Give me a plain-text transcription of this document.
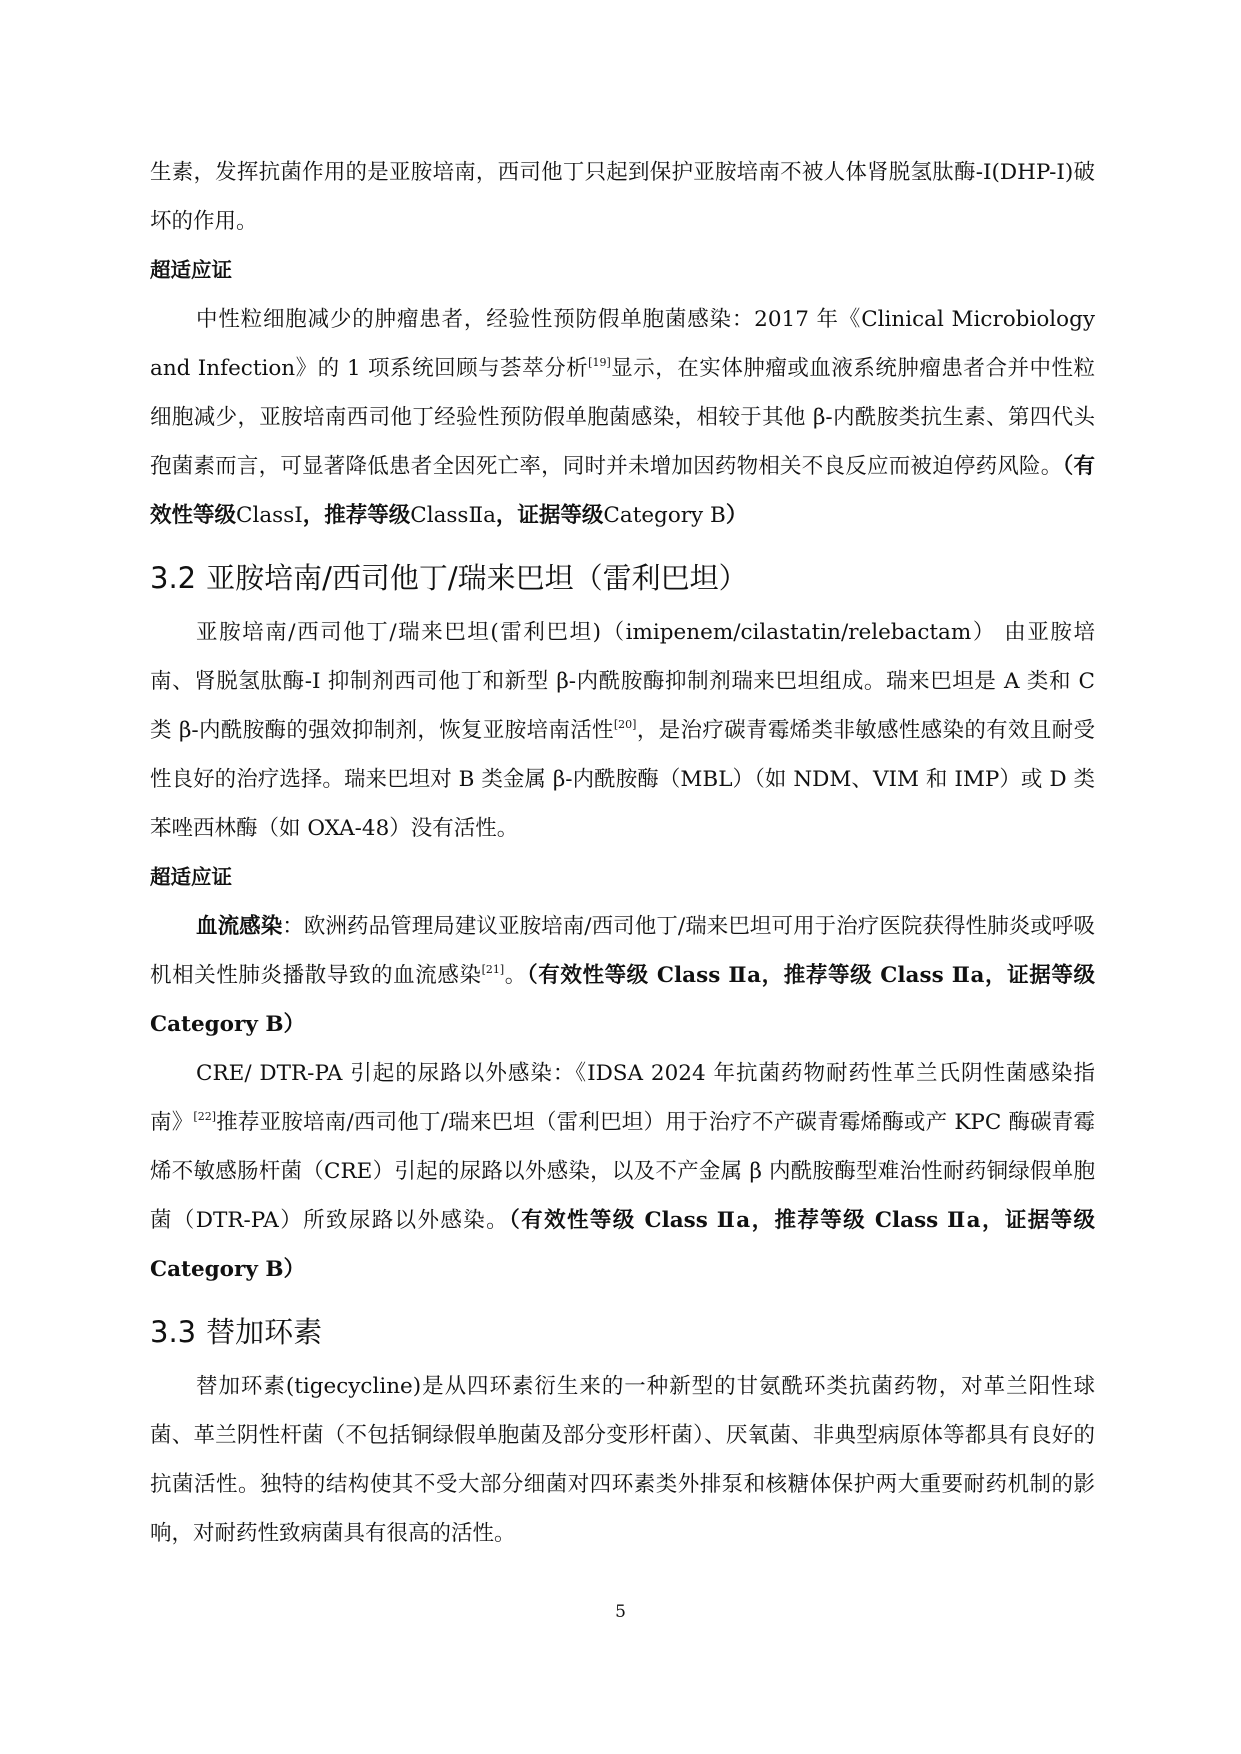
生素，发挥抗菌作用的是亚胺培南，西司他丁只起到保护亚胺培南不被人体肾脱氢肽酶-I(DHP-I)破坏的作用。
超适应证
中性粒细胞减少的肿瘤患者，经验性预防假单胞菌感染：2017 年《Clinical Microbiology and Infection》的 1 项系统回顾与荟萃分析[19]显示，在实体肿瘤或血液系统肿瘤患者合并中性粒细胞减少，亚胺培南西司他丁经验性预防假单胞菌感染，相较于其他 β-内酰胺类抗生素、第四代头孢菌素而言，可显著降低患者全因死亡率，同时并未增加因药物相关不良反应而被迫停药风险。（有效性等级ClassⅠ，推荐等级ClassⅡa，证据等级Category B）
3.2 亚胺培南/西司他丁/瑞来巴坦（雷利巴坦）
亚胺培南/西司他丁/瑞来巴坦(雷利巴坦)（imipenem/cilastatin/relebactam） 由亚胺培南、肾脱氢肽酶-I 抑制剂西司他丁和新型 β-内酰胺酶抑制剂瑞来巴坦组成。瑞来巴坦是 A 类和 C 类 β-内酰胺酶的强效抑制剂，恢复亚胺培南活性[20]，是治疗碳青霉烯类非敏感性感染的有效且耐受性良好的治疗选择。瑞来巴坦对 B 类金属 β-内酰胺酶（MBL）（如 NDM、VIM 和 IMP）或 D 类苯唑西林酶（如 OXA-48）没有活性。
超适应证
血流感染：欧洲药品管理局建议亚胺培南/西司他丁/瑞来巴坦可用于治疗医院获得性肺炎或呼吸机相关性肺炎播散导致的血流感染[21]。（有效性等级 Class Ⅱa，推荐等级 Class Ⅱa，证据等级 Category B）
CRE/ DTR-PA 引起的尿路以外感染：《IDSA 2024 年抗菌药物耐药性革兰氏阴性菌感染指南》[22]推荐亚胺培南/西司他丁/瑞来巴坦（雷利巴坦）用于治疗不产碳青霉烯酶或产 KPC 酶碳青霉烯不敏感肠杆菌（CRE）引起的尿路以外感染，以及不产金属 β 内酰胺酶型难治性耐药铜绿假单胞菌（DTR-PA）所致尿路以外感染。（有效性等级 Class Ⅱa，推荐等级 Class Ⅱa，证据等级 Category B）
3.3 替加环素
替加环素(tigecycline)是从四环素衍生来的一种新型的甘氨酰环类抗菌药物，对革兰阳性球菌、革兰阴性杆菌（不包括铜绿假单胞菌及部分变形杆菌）、厌氧菌、非典型病原体等都具有良好的抗菌活性。独特的结构使其不受大部分细菌对四环素类外排泵和核糖体保护两大重要耐药机制的影响，对耐药性致病菌具有很高的活性。
5
